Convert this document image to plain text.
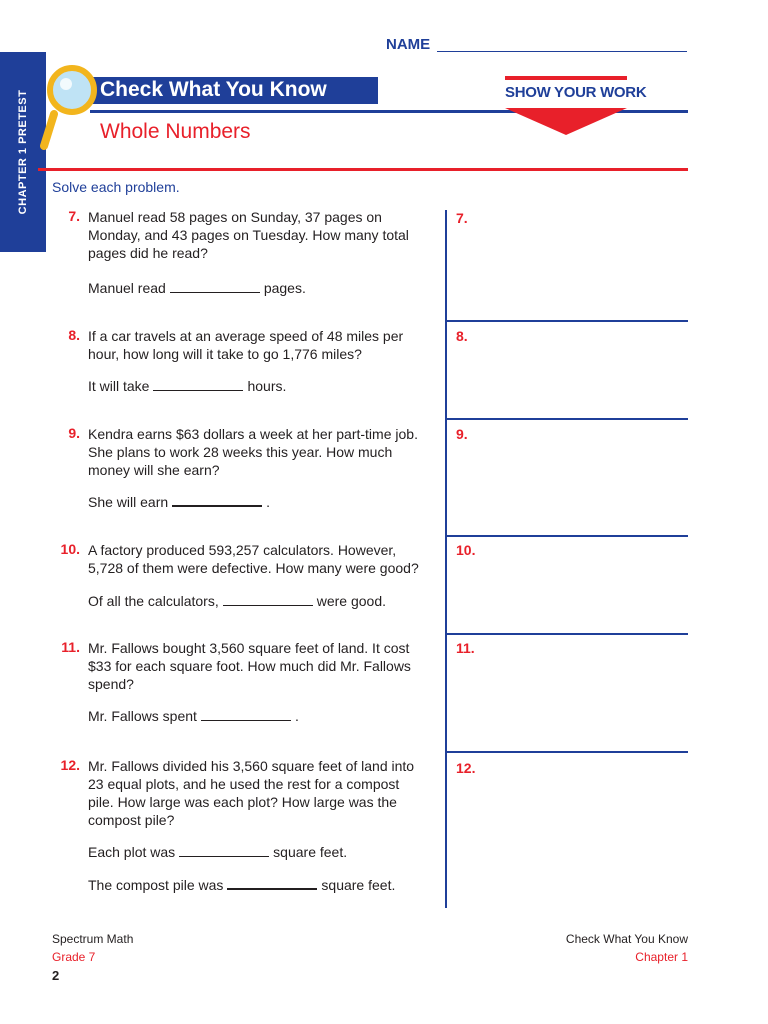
CHAPTER 1 PRETEST
NAME
Check What You Know	SHOW YOUR WORK
Whole Numbers
Solve each problem.
7. Manuel read 58 pages on Sunday, 37 pages on
Monday, and 43 pages on Tuesday. How many total
pages did he read?
Manuel read	pages.
8. If a car travels at an average speed of 48 miles per
hour, how long will it take to go 1,776 miles?
It will take	hours.
9. Kendra earns $63 dollars a week at her part-time job.
She plans to work 28 weeks this year. How much
money will she earn?
She will earn	.
10. A factory produced 593,257 calculators. However,
5,728 of them were defective. How many were good?
Of all the calculators,	were good.
11. Mr. Fallows bought 3,560 square feet of land. It cost
$33 for each square foot. How much did Mr. Fallows
spend?
Mr. Fallows spent	.
12. Mr. Fallows divided his 3,560 square feet of land into
23 equal plots, and he used the rest for a compost
pile. How large was each plot? How large was the
compost pile?
Each plot was	square feet.
The compost pile was	square feet.
7.
8.
9.
10.
11.
12.
Spectrum Math
Grade 7
2
Check What You Know
Chapter 1
